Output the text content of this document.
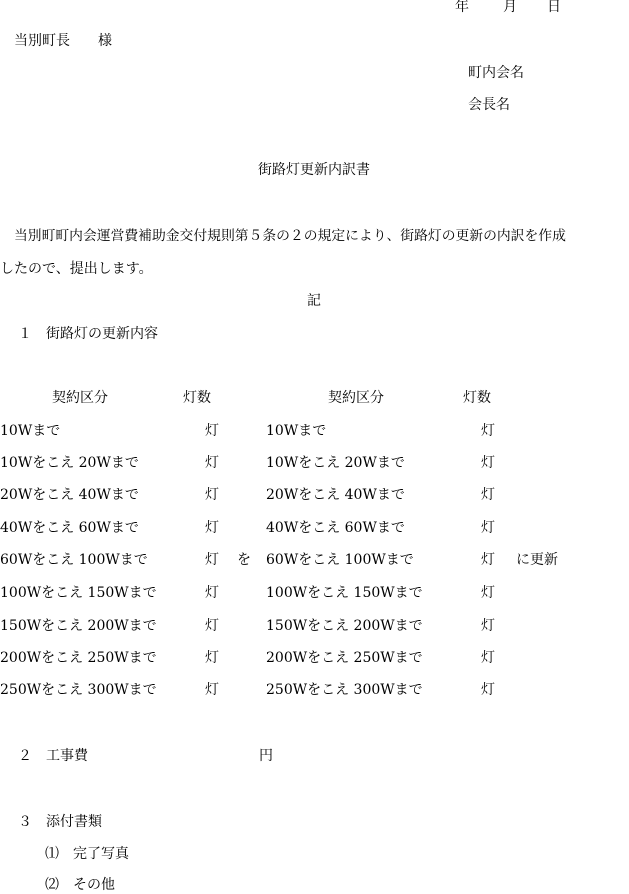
年 月 日
当別町長　　様
町内会名
会長名
街路灯更新内訳書
当別町町内会運営費補助金交付規則第５条の２の規定により、街路灯の更新の内訳を作成
したので、提出します。
記
１　街路灯の更新内容
契約区分	灯数	契約区分	灯数
10Wまで	灯	10Wまで	灯
10Wをこえ 20Wまで	灯	10Wをこえ 20Wまで	灯
20Wをこえ 40Wまで	灯	20Wをこえ 40Wまで	灯
40Wをこえ 60Wまで	灯	40Wをこえ 60Wまで	灯
60Wをこえ 100Wまで	灯 を 60Wをこえ 100Wまで	灯 に更新
100Wをこえ 150Wまで	灯	100Wをこえ 150Wまで	灯
150Wをこえ 200Wまで	灯	150Wをこえ 200Wまで	灯
200Wをこえ 250Wまで	灯	200Wをこえ 250Wまで	灯
250Wをこえ 300Wまで	灯	250Wをこえ 300Wまで	灯
２　工事費	円
３　添付書類
⑴　完了写真
⑵　その他
